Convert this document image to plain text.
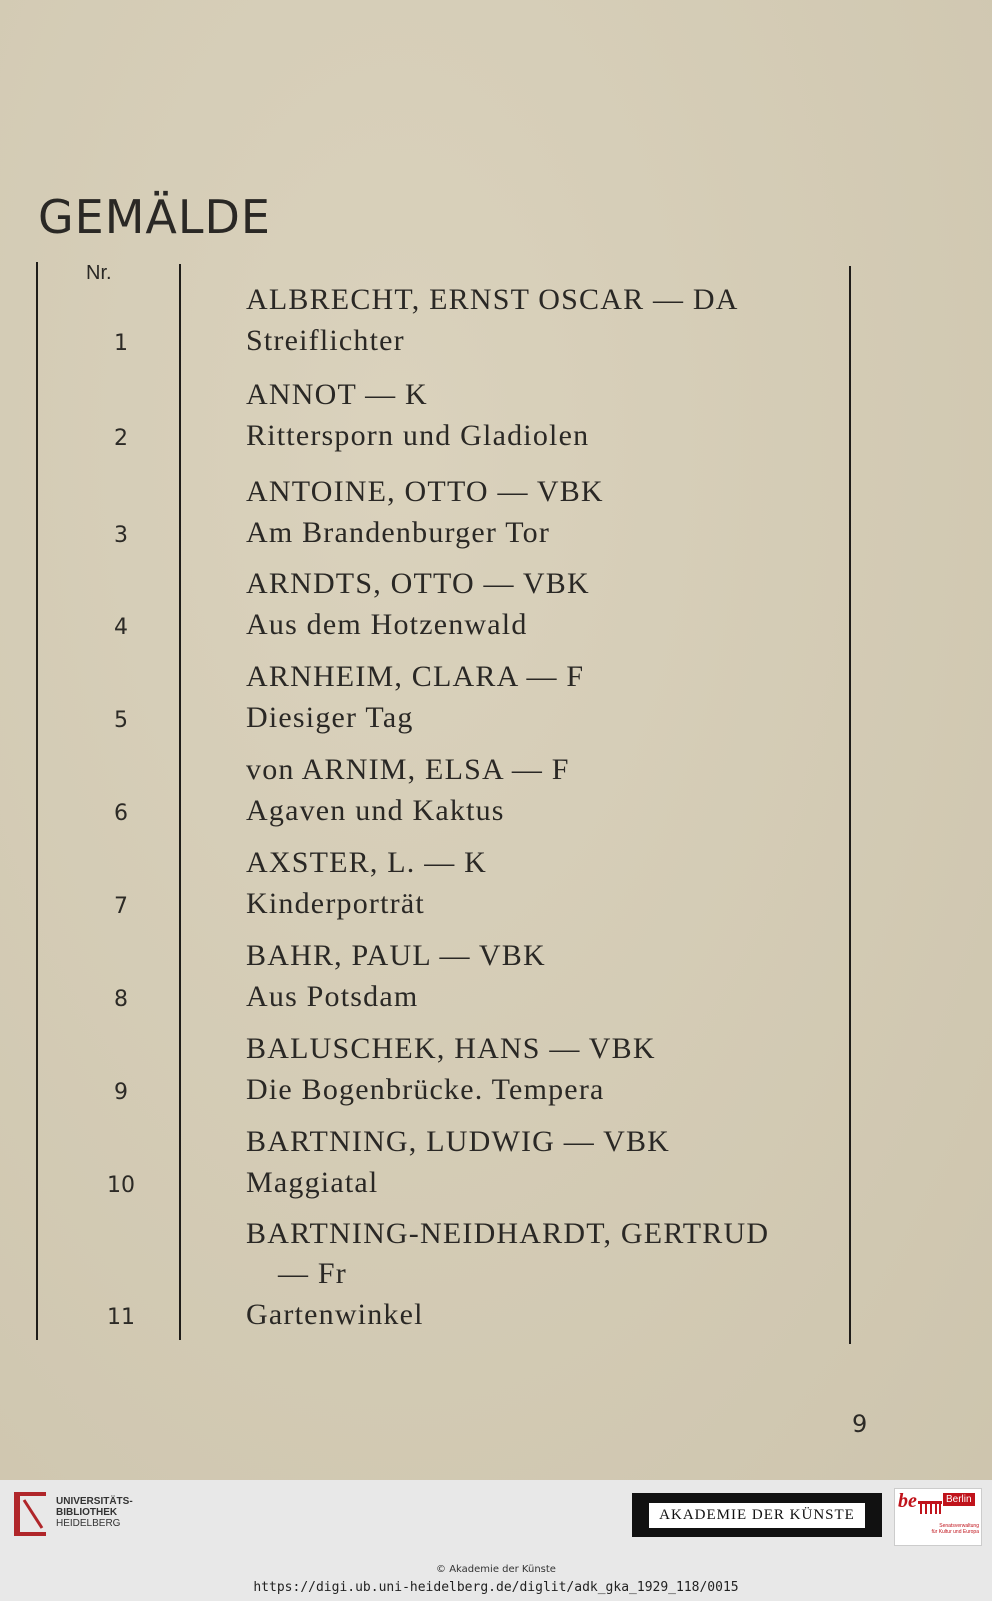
GEMÄLDE
Nr.
ALBRECHT, ERNST OSCAR — DA
Streiflichter
1
ANNOT — K
Rittersporn und Gladiolen
2
ANTOINE, OTTO — VBK
Am Brandenburger Tor
3
ARNDTS, OTTO — VBK
Aus dem Hotzenwald
4
ARNHEIM, CLARA — F
Diesiger Tag
5
von ARNIM, ELSA — F
Agaven und Kaktus
6
AXSTER, L. — K
Kinderporträt
7
BAHR, PAUL — VBK
Aus Potsdam
8
BALUSCHEK, HANS — VBK
Die Bogenbrücke. Tempera
9
BARTNING, LUDWIG — VBK
Maggiatal
10
BARTNING-NEIDHARDT, GERTRUD
— Fr
Gartenwinkel
11
9
UNIVERSITÄTS-
BIBLIOTHEK
HEIDELBERG
AKADEMIE DER KÜNSTE
be	Berlin
Senatsverwaltung
für Kultur und Europa
© Akademie der Künste
https://digi.ub.uni-heidelberg.de/diglit/adk_gka_1929_118/0015
